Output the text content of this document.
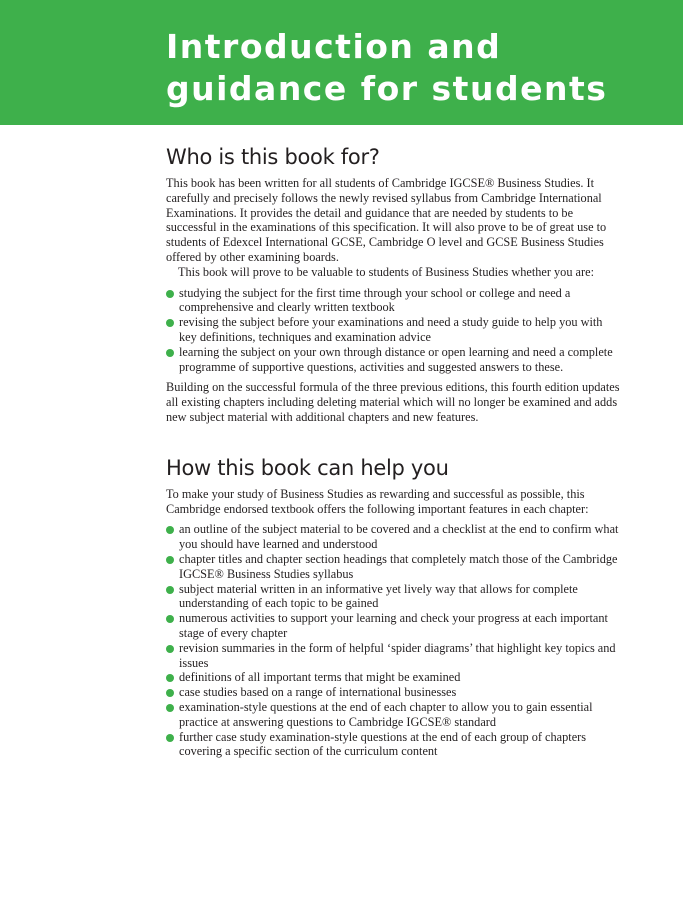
Introduction and
guidance for students
Who is this book for?

This book has been written for all students of Cambridge IGCSE® Business Studies. It carefully and precisely follows the newly revised syllabus from Cambridge International Examinations. It provides the detail and guidance that are needed by students to be successful in the examinations of this specification. It will also prove to be of great use to students of Edexcel International GCSE, Cambridge O level and GCSE Business Studies offered by other examining boards.

This book will prove to be valuable to students of Business Studies whether you are:

studying the subject for the first time through your school or college and need a comprehensive and clearly written textbook
revising the subject before your examinations and need a study guide to help you with key definitions, techniques and examination advice
learning the subject on your own through distance or open learning and need a complete programme of supportive questions, activities and suggested answers to these.

Building on the successful formula of the three previous editions, this fourth edition updates all existing chapters including deleting material which will no longer be examined and adds new subject material with additional chapters and new features.

How this book can help you

To make your study of Business Studies as rewarding and successful as possible, this Cambridge endorsed textbook offers the following important features in each chapter:

an outline of the subject material to be covered and a checklist at the end to confirm what you should have learned and understood
chapter titles and chapter section headings that completely match those of the Cambridge IGCSE® Business Studies syllabus
subject material written in an informative yet lively way that allows for complete understanding of each topic to be gained
numerous activities to support your learning and check your progress at each important stage of every chapter
revision summaries in the form of helpful ‘spider diagrams’ that highlight key topics and issues
definitions of all important terms that might be examined
case studies based on a range of international businesses
examination-style questions at the end of each chapter to allow you to gain essential practice at answering questions to Cambridge IGCSE® standard
further case study examination-style questions at the end of each group of chapters covering a specific section of the curriculum content
